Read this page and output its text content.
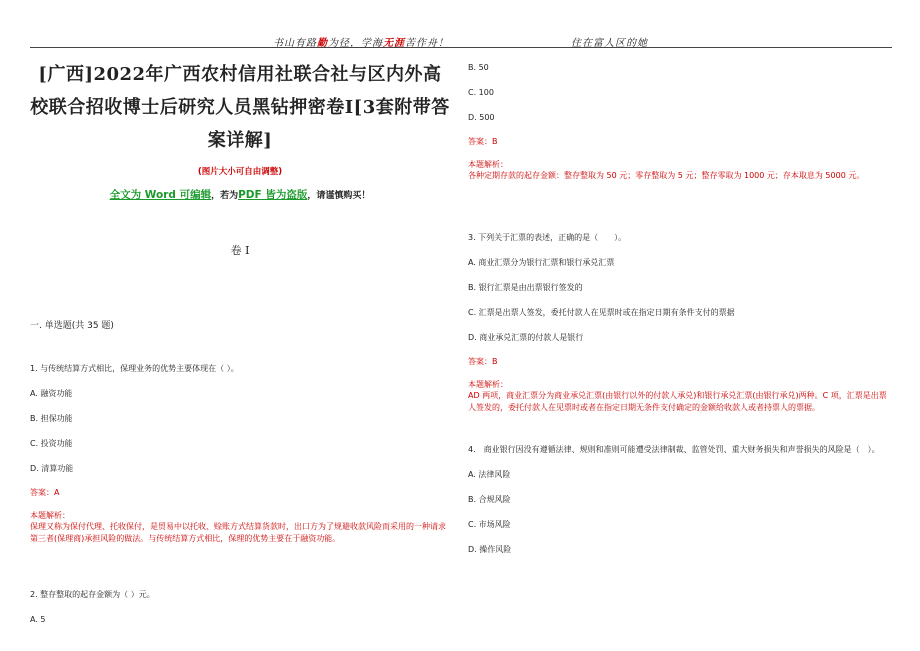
书山有路勤为径，学海无涯苦作舟！	住在富人区的她
[广西]2022年广西农村信用社联合社与区内外高校联合招收博士后研究人员黑钻押密卷I[3套附带答案详解]
(图片大小可自由调整)
全文为 Word 可编辑，若为PDF 皆为盗版，请谨慎购买！
卷 I
一. 单选题(共 35 题)
1. 与传统结算方式相比，保理业务的优势主要体现在（ ）。
A. 融资功能
B. 担保功能
C. 投资功能
D. 清算功能
答案：A
本题解析：
保理又称为保付代理、托收保付，是贸易中以托收、赊账方式结算货款时，出口方为了规避收款风险而采用的一种请求第三者(保理商)承担风险的做法。与传统结算方式相比，保理的优势主要在于融资功能。
2. 整存整取的起存金额为（ ）元。
A. 5
B. 50
C. 100
D. 500
答案：B
本题解析：
各种定期存款的起存金额：整存整取为 50 元；零存整取为 5 元；整存零取为 1000 元；存本取息为 5000 元。
3. 下列关于汇票的表述，正确的是（　　）。
A. 商业汇票分为银行汇票和银行承兑汇票
B. 银行汇票是由出票银行签发的
C. 汇票是出票人签发，委托付款人在见票时或在指定日期有条件支付的票据
D. 商业承兑汇票的付款人是银行
答案：B
本题解析：
AD 两项，商业汇票分为商业承兑汇票(由银行以外的付款人承兑)和银行承兑汇票(由银行承兑)两种。C 项，汇票是出票人签发的，委托付款人在见票时或者在指定日期无条件支付确定的金额给收款人或者持票人的票据。
4.　商业银行因没有遵循法律、规则和准则可能遭受法律制裁、监管处罚、重大财务损失和声誉损失的风险是（　）。
A. 法律风险
B. 合规风险
C. 市场风险
D. 操作风险
